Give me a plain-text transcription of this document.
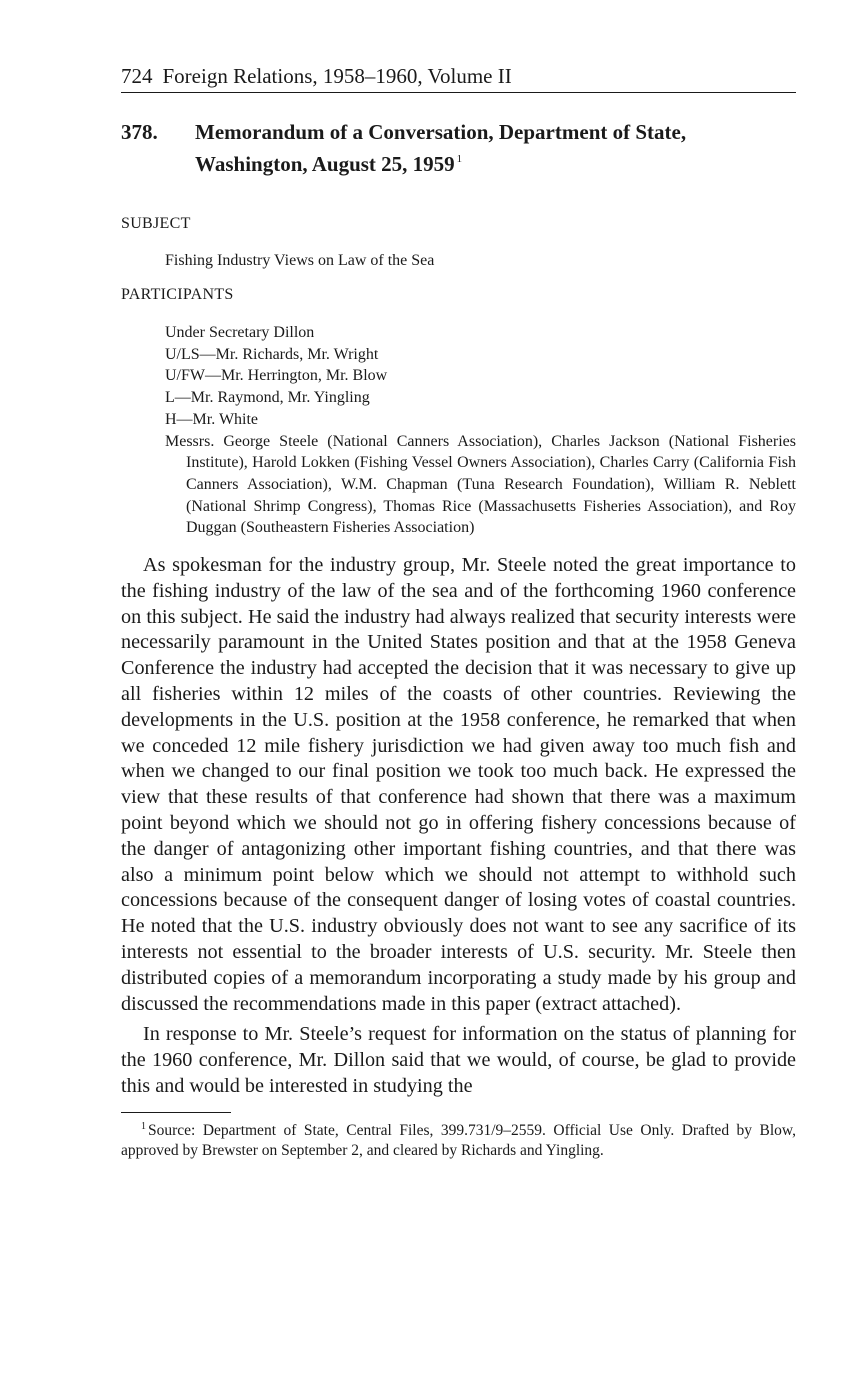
724 Foreign Relations, 1958–1960, Volume II
378.	Memorandum of a Conversation, Department of State, Washington, August 25, 1959 $^1$
SUBJECT
Fishing Industry Views on Law of the Sea
PARTICIPANTS
Under Secretary Dillon
U/LS—Mr. Richards, Mr. Wright
U/FW—Mr. Herrington, Mr. Blow
L—Mr. Raymond, Mr. Yingling
H—Mr. White
Messrs. George Steele (National Canners Association), Charles Jackson (National Fisheries Institute), Harold Lokken (Fishing Vessel Owners Association), Charles Carry (California Fish Canners Association), W.M. Chapman (Tuna Research Foundation), William R. Neblett (National Shrimp Congress), Thomas Rice (Massachusetts Fisheries Association), and Roy Duggan (Southeastern Fisheries Association)

As spokesman for the industry group, Mr. Steele noted the great importance to the fishing industry of the law of the sea and of the forthcoming 1960 conference on this subject. He said the industry had always realized that security interests were necessarily paramount in the United States position and that at the 1958 Geneva Conference the industry had accepted the decision that it was necessary to give up all fisheries within 12 miles of the coasts of other countries. Reviewing the developments in the U.S. position at the 1958 conference, he remarked that when we conceded 12 mile fishery jurisdiction we had given away too much fish and when we changed to our final position we took too much back. He expressed the view that these results of that conference had shown that there was a maximum point beyond which we should not go in offering fishery concessions because of the danger of antagonizing other important fishing countries, and that there was also a minimum point below which we should not attempt to withhold such concessions because of the consequent danger of losing votes of coastal countries. He noted that the U.S. industry obviously does not want to see any sacrifice of its interests not essential to the broader interests of U.S. security. Mr. Steele then distributed copies of a memorandum incorporating a study made by his group and discussed the recommendations made in this paper (extract attached).

In response to Mr. Steele’s request for information on the status of planning for the 1960 conference, Mr. Dillon said that we would, of course, be glad to provide this and would be interested in studying the

$^1$ Source: Department of State, Central Files, 399.731/9–2559. Official Use Only. Drafted by Blow, approved by Brewster on September 2, and cleared by Richards and Yingling.
